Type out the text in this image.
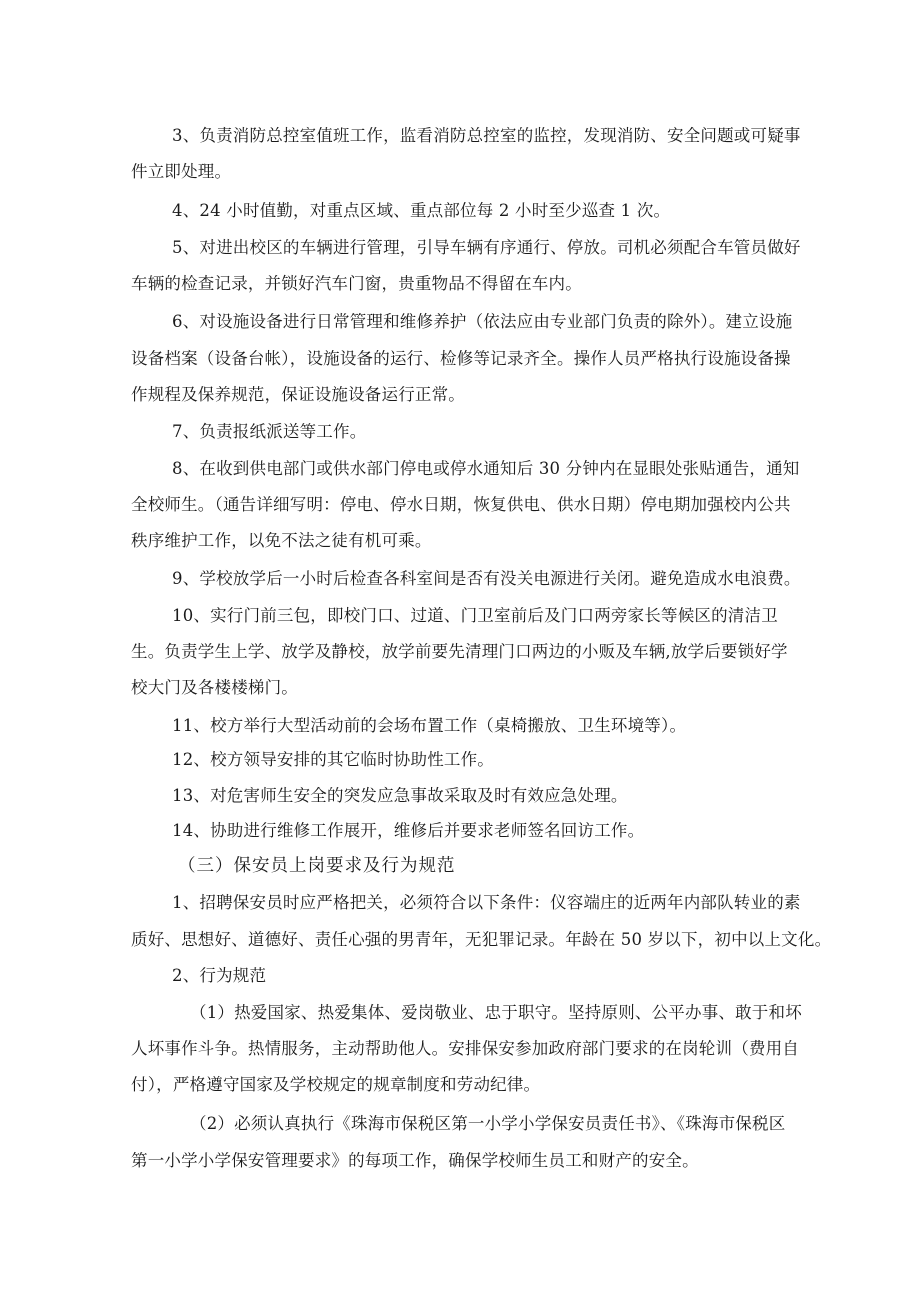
3、负责消防总控室值班工作，监看消防总控室的监控，发现消防、安全问题或可疑事
件立即处理。
4、24 小时值勤，对重点区域、重点部位每 2 小时至少巡查 1 次。
5、对进出校区的车辆进行管理，引导车辆有序通行、停放。司机必须配合车管员做好
车辆的检查记录，并锁好汽车门窗，贵重物品不得留在车内。
6、对设施设备进行日常管理和维修养护（依法应由专业部门负责的除外）。建立设施
设备档案（设备台帐），设施设备的运行、检修等记录齐全。操作人员严格执行设施设备操
作规程及保养规范，保证设施设备运行正常。
7、负责报纸派送等工作。
8、在收到供电部门或供水部门停电或停水通知后 30 分钟内在显眼处张贴通告，通知
全校师生。（通告详细写明：停电、停水日期，恢复供电、供水日期）停电期加强校内公共
秩序维护工作，以免不法之徒有机可乘。
9、学校放学后一小时后检查各科室间是否有没关电源进行关闭。避免造成水电浪费。
10、实行门前三包，即校门口、过道、门卫室前后及门口两旁家长等候区的清洁卫
生。负责学生上学、放学及静校，放学前要先清理门口两边的小贩及车辆,放学后要锁好学
校大门及各楼楼梯门。
11、校方举行大型活动前的会场布置工作（桌椅搬放、卫生环境等）。
12、校方领导安排的其它临时协助性工作。
13、对危害师生安全的突发应急事故采取及时有效应急处理。
14、协助进行维修工作展开，维修后并要求老师签名回访工作。
（三）保安员上岗要求及行为规范
1、招聘保安员时应严格把关，必须符合以下条件：仪容端庄的近两年内部队转业的素
质好、思想好、道德好、责任心强的男青年，无犯罪记录。年龄在 50 岁以下，初中以上文化。
2、行为规范
（1）热爱国家、热爱集体、爱岗敬业、忠于职守。坚持原则、公平办事、敢于和坏
人坏事作斗争。热情服务，主动帮助他人。安排保安参加政府部门要求的在岗轮训（费用自
付），严格遵守国家及学校规定的规章制度和劳动纪律。
（2）必须认真执行《珠海市保税区第一小学小学保安员责任书》、《珠海市保税区
第一小学小学保安管理要求》的每项工作，确保学校师生员工和财产的安全。
